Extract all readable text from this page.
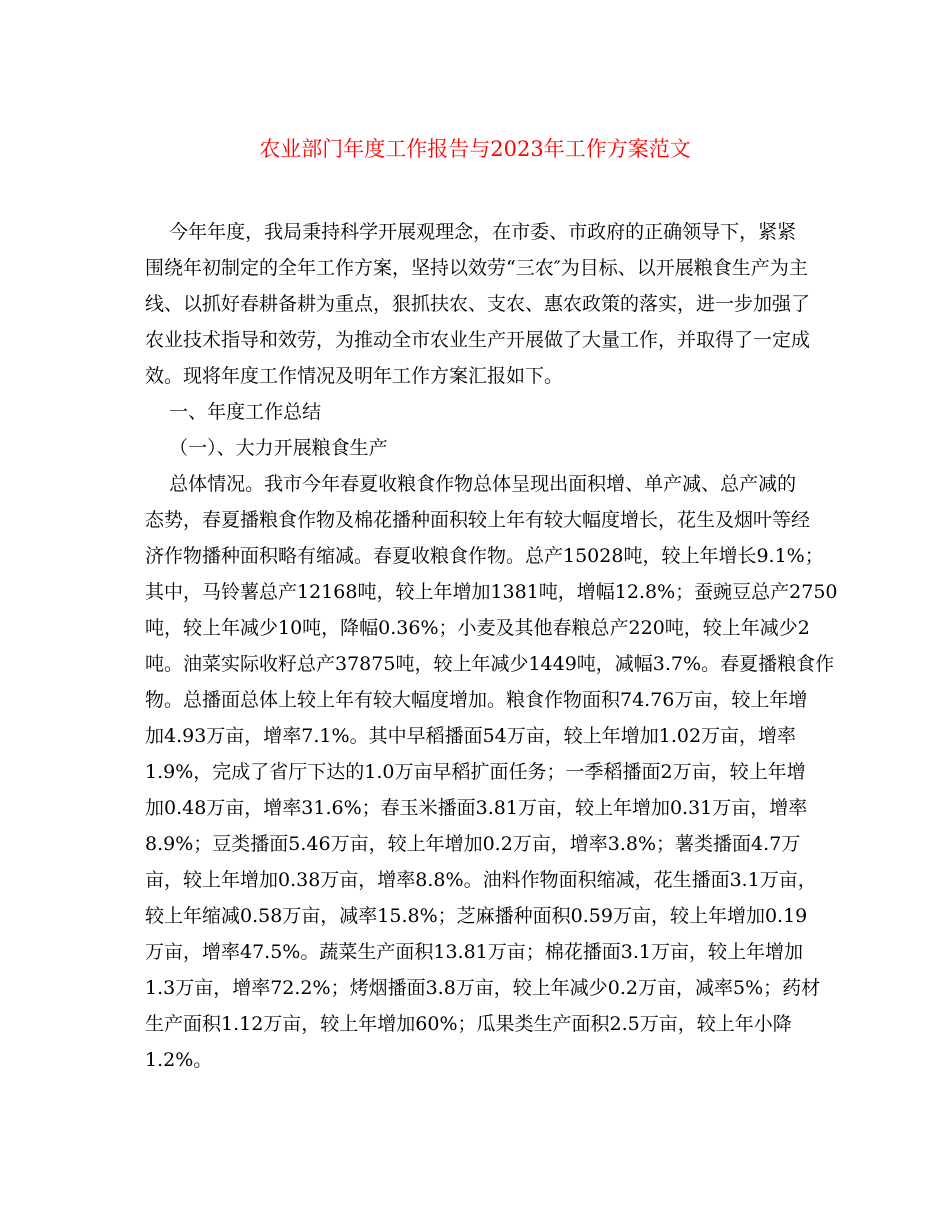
农业部门年度工作报告与2023年工作方案范文
今年年度，我局秉持科学开展观理念，在市委、市政府的正确领导下，紧紧
围绕年初制定的全年工作方案，坚持以效劳“三农″为目标、以开展粮食生产为主
线、以抓好春耕备耕为重点，狠抓扶农、支农、惠农政策的落实，进一步加强了
农业技术指导和效劳，为推动全市农业生产开展做了大量工作，并取得了一定成
效。现将年度工作情况及明年工作方案汇报如下。
一、年度工作总结
（一）、大力开展粮食生产
总体情况。我市今年春夏收粮食作物总体呈现出面积增、单产减、总产减的
态势，春夏播粮食作物及棉花播种面积较上年有较大幅度增长，花生及烟叶等经
济作物播种面积略有缩减。春夏收粮食作物。总产15028吨，较上年增长9.1%；
其中，马铃薯总产12168吨，较上年增加1381吨，增幅12.8%；蚕豌豆总产2750
吨，较上年减少10吨，降幅0.36%；小麦及其他春粮总产220吨，较上年减少2
吨。油菜实际收籽总产37875吨，较上年减少1449吨，减幅3.7%。春夏播粮食作
物。总播面总体上较上年有较大幅度增加。粮食作物面积74.76万亩，较上年增
加4.93万亩，增率7.1%。其中早稻播面54万亩，较上年增加1.02万亩，增率
1.9%，完成了省厅下达的1.0万亩早稻扩面任务；一季稻播面2万亩，较上年增
加0.48万亩，增率31.6%；春玉米播面3.81万亩，较上年增加0.31万亩，增率
8.9%；豆类播面5.46万亩，较上年增加0.2万亩，增率3.8%；薯类播面4.7万
亩，较上年增加0.38万亩，增率8.8%。油料作物面积缩减，花生播面3.1万亩，
较上年缩减0.58万亩，减率15.8%；芝麻播种面积0.59万亩，较上年增加0.19
万亩，增率47.5%。蔬菜生产面积13.81万亩；棉花播面3.1万亩，较上年增加
1.3万亩，增率72.2%；烤烟播面3.8万亩，较上年减少0.2万亩，减率5%；药材
生产面积1.12万亩，较上年增加60%；瓜果类生产面积2.5万亩，较上年小降
1.2%。
